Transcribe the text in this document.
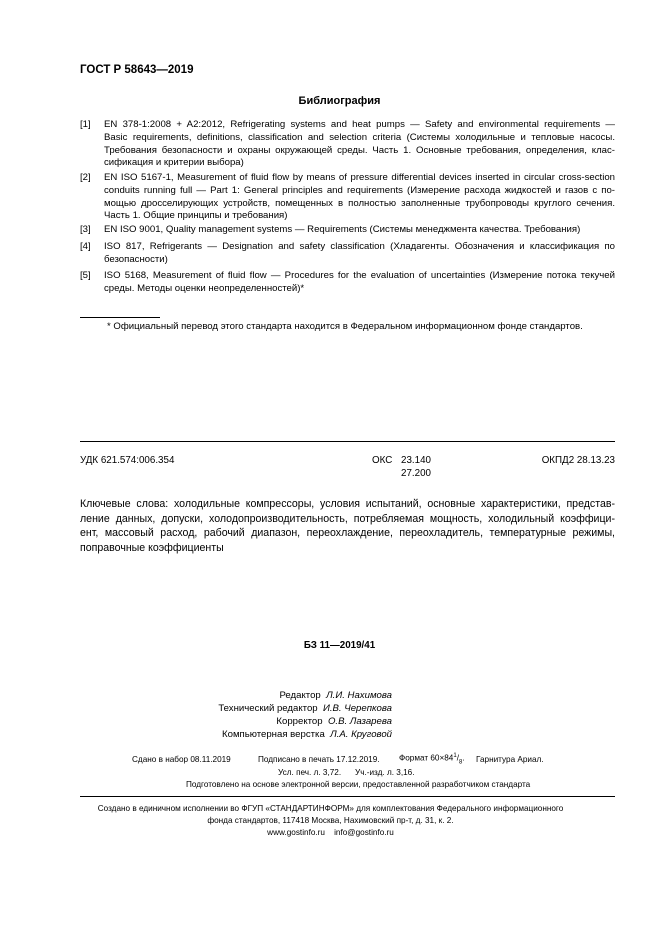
ГОСТ Р 58643—2019
Библиография
[1]	EN 378-1:2008 + A2:2012, Refrigerating systems and heat pumps — Safety and environmental requirements —
Basic requirements, definitions, classification and selection criteria (Системы холодильные и тепловые насосы.
Требования безопасности и охраны окружающей среды. Часть 1. Основные требования, определения, клас-
сификация и критерии выбора)
[2]	EN ISO 5167-1, Measurement of fluid flow by means of pressure differential devices inserted in circular cross-section
conduits running full — Part 1: General principles and requirements (Измерение расхода жидкостей и газов с по-
мощью дросселирующих устройств, помещенных в полностью заполненные трубопроводы круглого сечения.
Часть 1. Общие принципы и требования)
[3]	EN ISO 9001, Quality management systems — Requirements (Системы менеджмента качества. Требования)
[4]	ISO 817, Refrigerants — Designation and safety classification (Хладагенты. Обозначения и классификация по
безопасности)
[5]	ISO 5168, Measurement of fluid flow — Procedures for the evaluation of uncertainties (Измерение потока текучей
среды. Методы оценки неопределенностей)*
* Официальный перевод этого стандарта находится в Федеральном информационном фонде стандартов.
УДК 621.574:006.354	ОКС 23.140
27.200
ОКПД2 28.13.23
Ключевые слова: холодильные компрессоры, условия испытаний, основные характеристики, представ-
ление данных, допуски, холодопроизводительность, потребляемая мощность, холодильный коэффици-
ент, массовый расход, рабочий диапазон, переохлаждение, переохладитель, температурные режимы,
поправочные коэффициенты
БЗ 11—2019/41
Редактор Л.И. Нахимова
Технический редактор И.В. Черепкова
Корректор О.В. Лазарева
Компьютерная верстка Л.А. Круговой
Сдано в набор 08.11.2019	Подписано в печать 17.12.2019. Формат $60\times 84^1/_8$. Гарнитура Ариал.
Усл. печ. л. 3,72. Уч.-изд. л. 3,16.
Подготовлено на основе электронной версии, предоставленной разработчиком стандарта
Создано в единичном исполнении во ФГУП «СТАНДАРТИНФОРМ» для комплектования Федерального информационного
фонда стандартов, 117418 Москва, Нахимовский пр-т, д. 31, к. 2.
www.gostinfo.ru info@gostinfo.ru
